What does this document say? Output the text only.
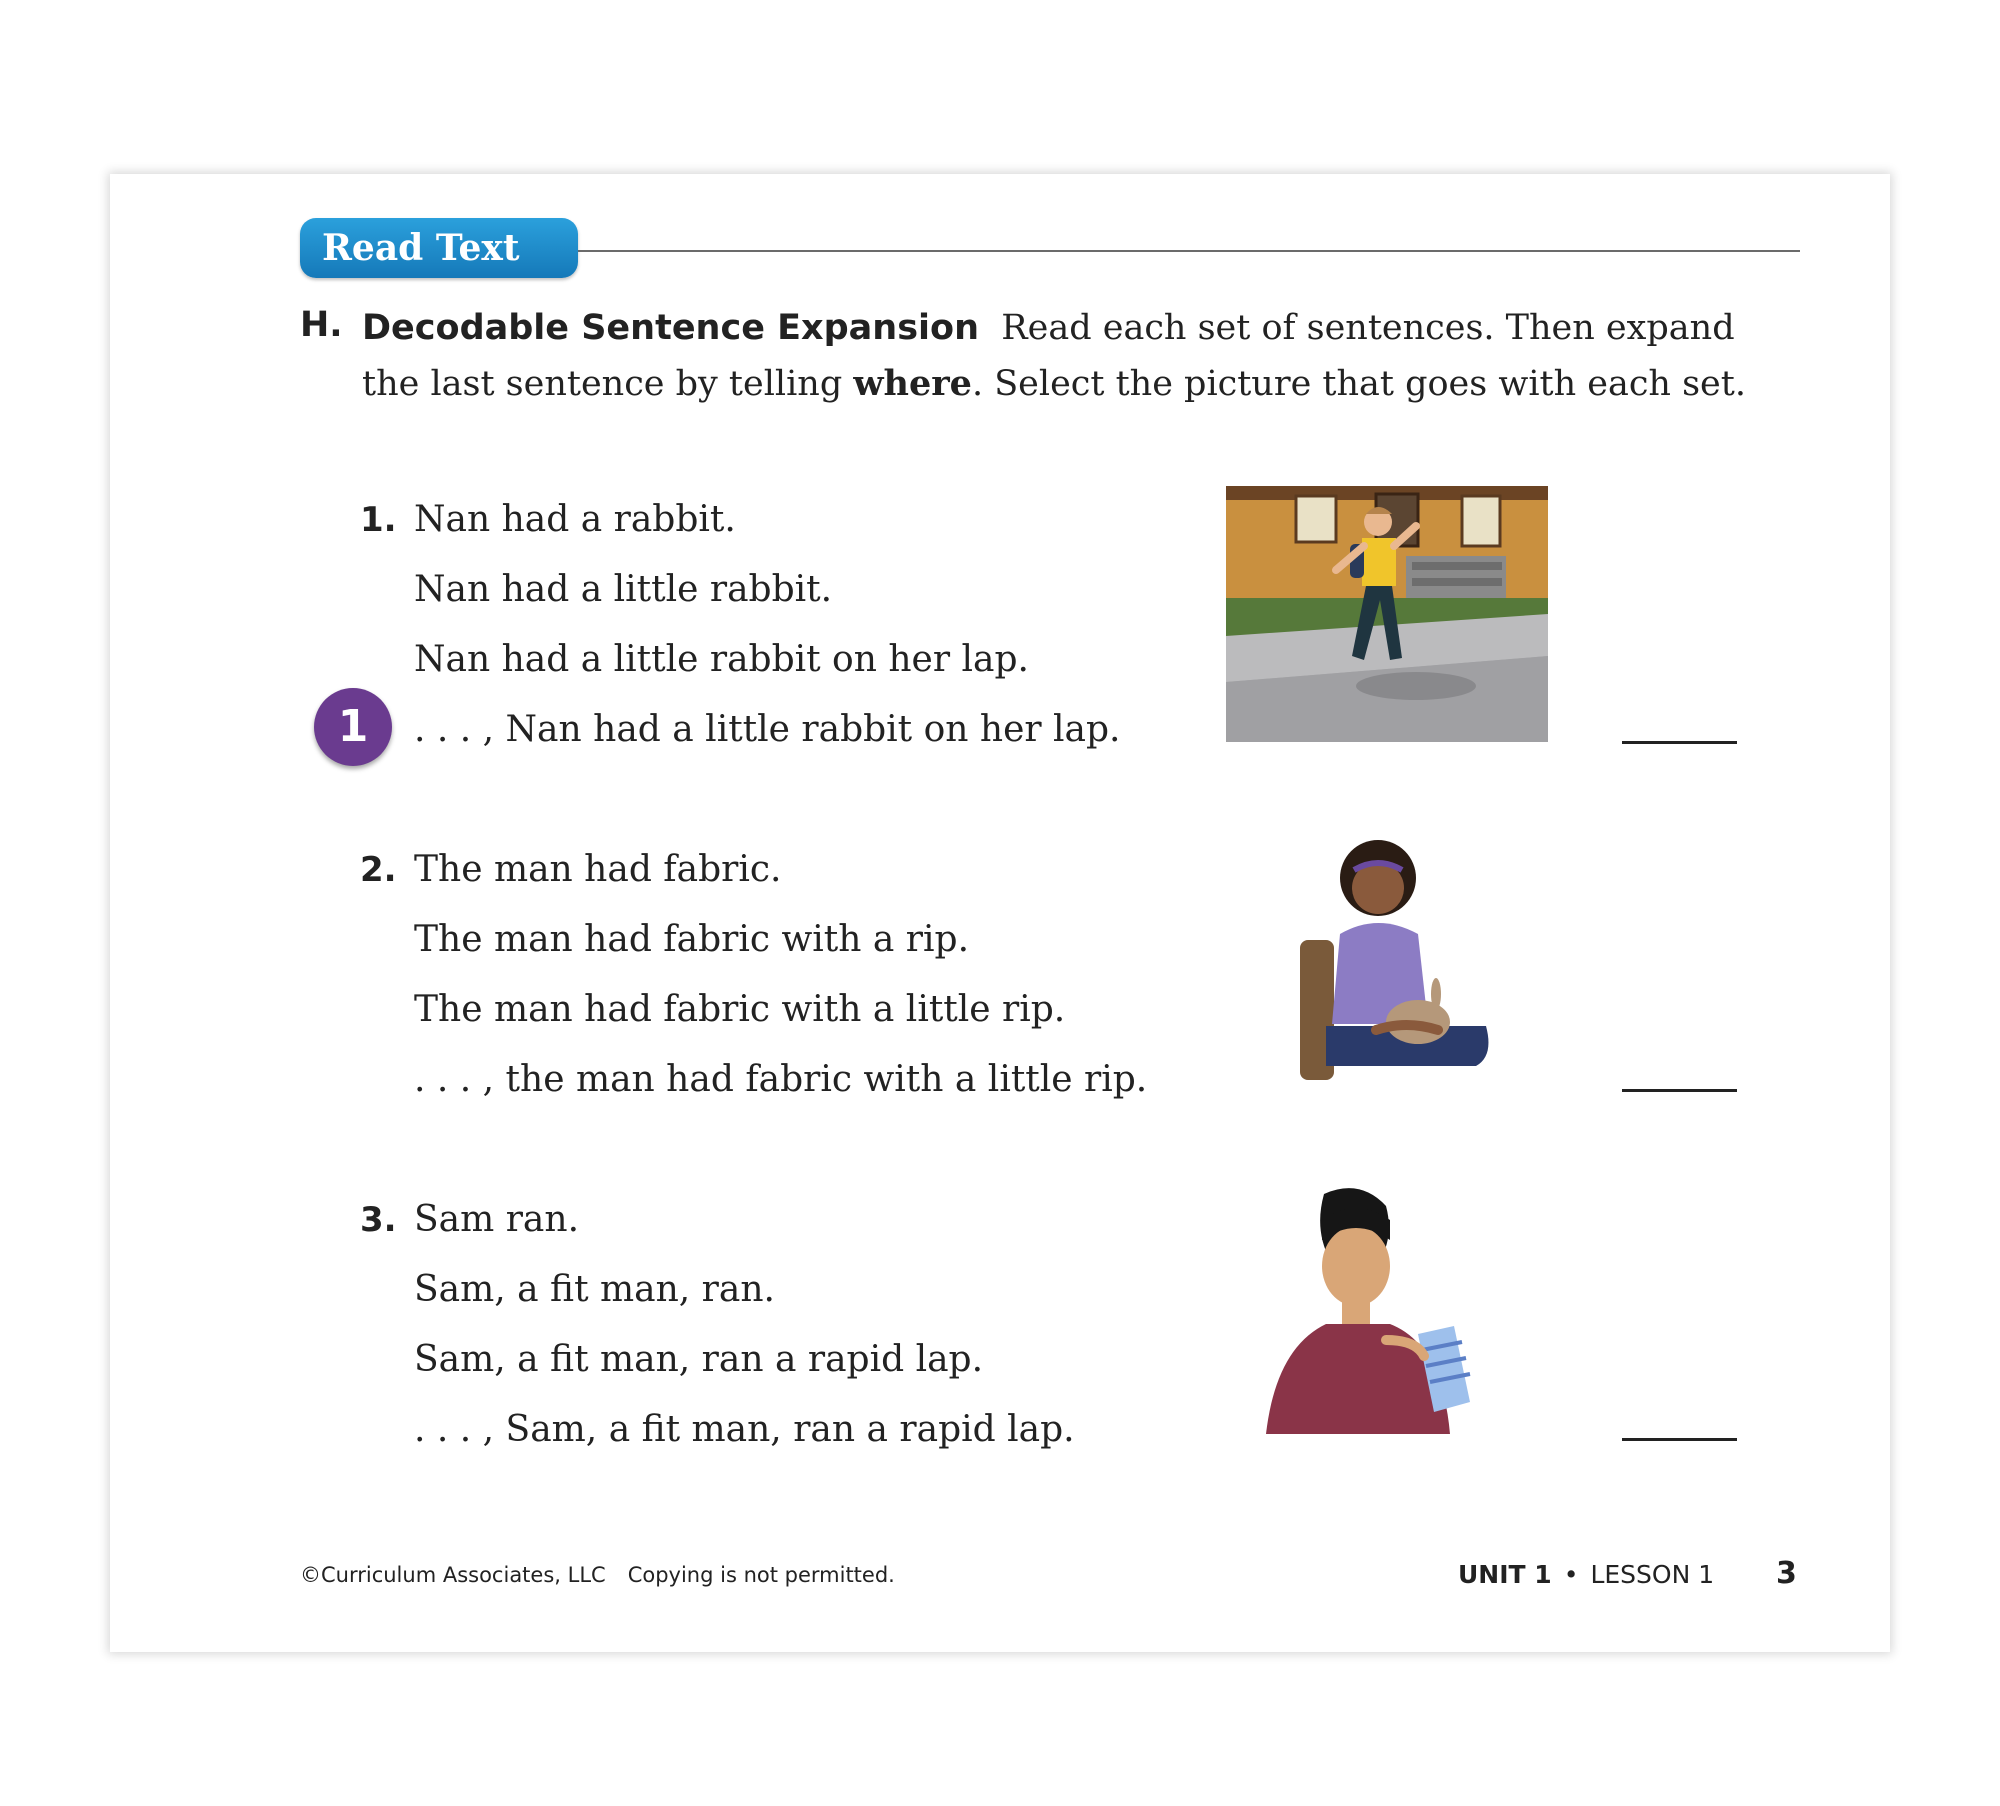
Read Text
H. Decodable Sentence Expansion Read each set of sentences. Then expand the last sentence by telling where. Select the picture that goes with each set.
1. Nan had a rabbit.
Nan had a little rabbit.
Nan had a little rabbit on her lap.
. . . , Nan had a little rabbit on her lap.
1
2. The man had fabric.
The man had fabric with a rip.
The man had fabric with a little rip.
. . . , the man had fabric with a little rip.
3. Sam ran.
Sam, a fit man, ran.
Sam, a fit man, ran a rapid lap.
. . . , Sam, a fit man, ran a rapid lap.
©Curriculum Associates, LLC Copying is not permitted.	UNIT 1 • LESSON 1 3
